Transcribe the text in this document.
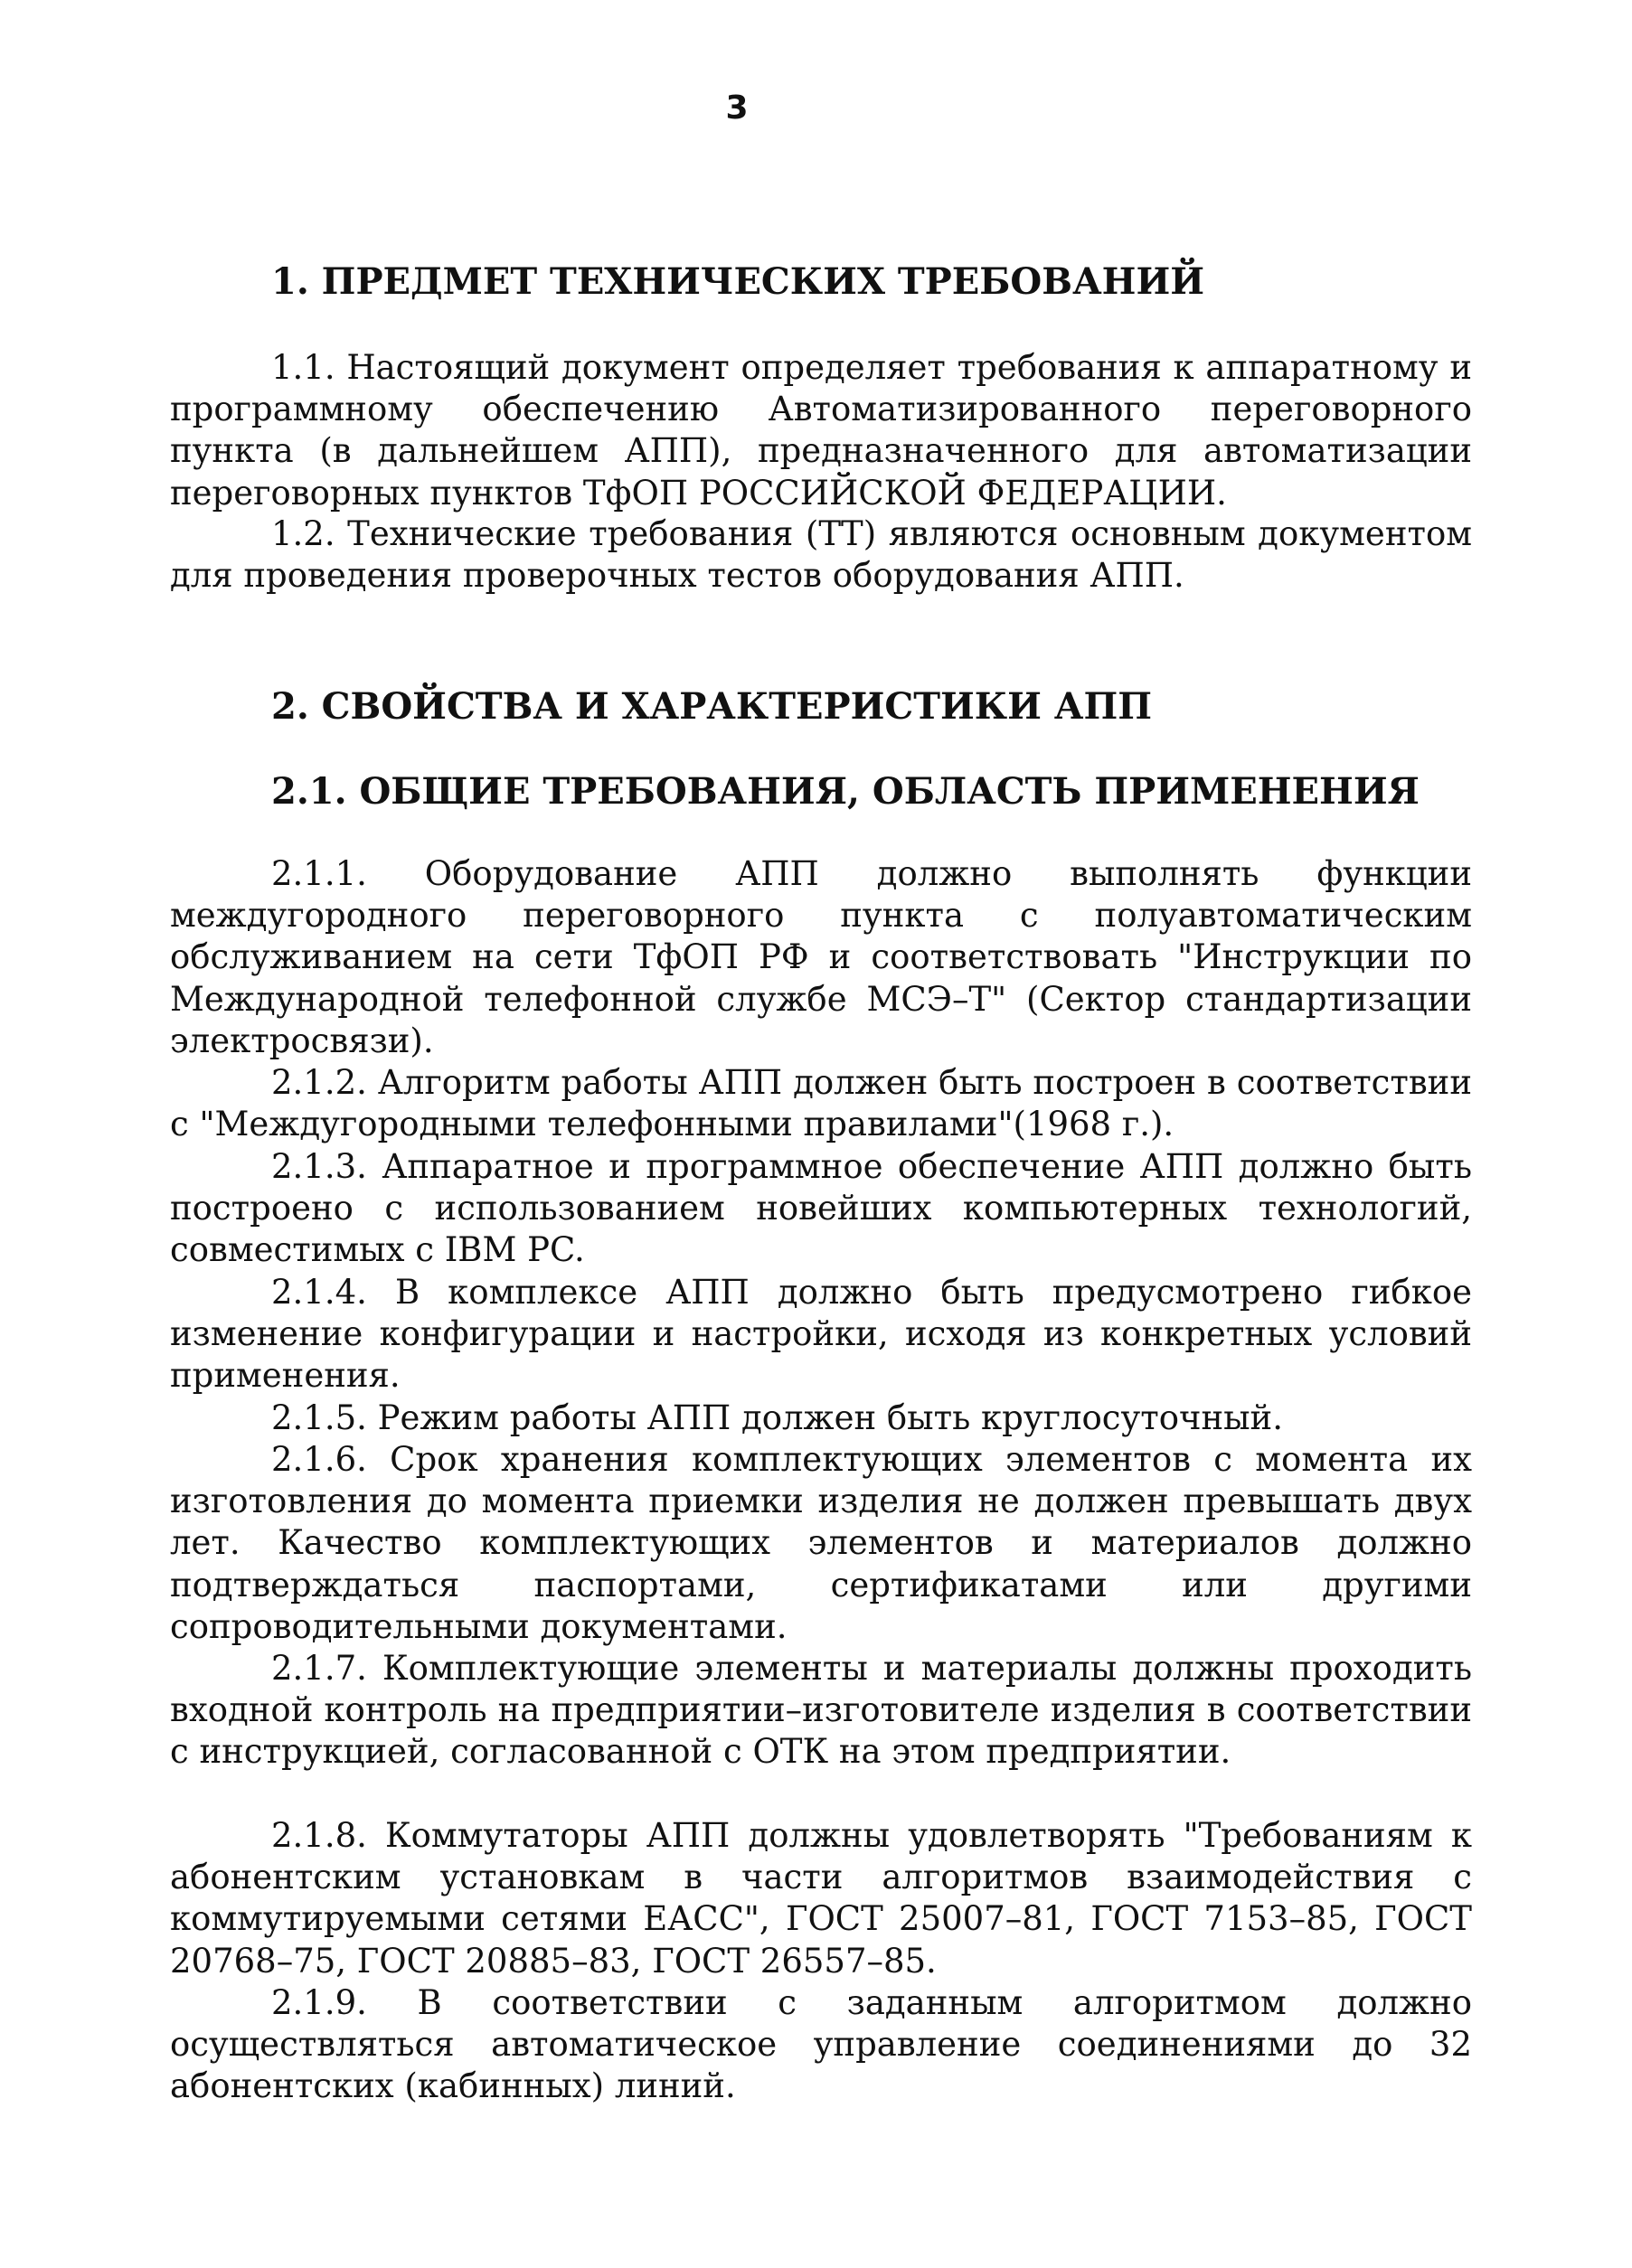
3
1. ПРЕДМЕТ ТЕХНИЧЕСКИХ ТРЕБОВАНИЙ
1.1. Настоящий документ определяет требования к аппаратному и программному обеспечению Автоматизированного переговорного пункта (в дальнейшем АПП), предназначенного для автоматизации переговорных пунктов ТфОП РОССИЙСКОЙ ФЕДЕРАЦИИ.
1.2. Технические требования (ТТ) являются основным документом для проведения проверочных тестов оборудования АПП.
2. СВОЙСТВА И ХАРАКТЕРИСТИКИ АПП
2.1. ОБЩИЕ ТРЕБОВАНИЯ, ОБЛАСТЬ ПРИМЕНЕНИЯ
2.1.1. Оборудование АПП должно выполнять функции междугородного переговорного пункта с полуавтоматическим обслуживанием на сети ТфОП РФ и соответствовать "Инструкции по Международной телефонной службе МСЭ–Т" (Сектор стандартизации электросвязи).
2.1.2. Алгоритм работы АПП должен быть построен в соответствии с "Междугородными телефонными правилами"(1968 г.).
2.1.3. Аппаратное и программное обеспечение АПП должно быть построено с использованием новейших компьютерных технологий, совместимых с IBM PC.
2.1.4. В комплексе АПП должно быть предусмотрено гибкое изменение конфигурации и настройки, исходя из конкретных условий применения.
2.1.5. Режим работы АПП должен быть круглосуточный.
2.1.6. Срок хранения комплектующих элементов с момента их изготовления до момента приемки изделия не должен превышать двух лет. Качество комплектующих элементов и материалов должно подтверждаться паспортами, сертификатами или другими сопроводительными документами.
2.1.7. Комплектующие элементы и материалы должны проходить входной контроль на предприятии–изготовителе изделия в соответствии с инструкцией, согласованной с ОТК на этом предприятии.
2.1.8. Коммутаторы АПП должны удовлетворять "Требованиям к абонентским установкам в части алгоритмов взаимодействия с коммутируемыми сетями ЕАСС", ГОСТ 25007–81, ГОСТ 7153–85, ГОСТ 20768–75, ГОСТ 20885–83, ГОСТ 26557–85.
2.1.9. В соответствии с заданным алгоритмом должно осуществляться автоматическое управление соединениями до 32 абонентских (кабинных) линий.
